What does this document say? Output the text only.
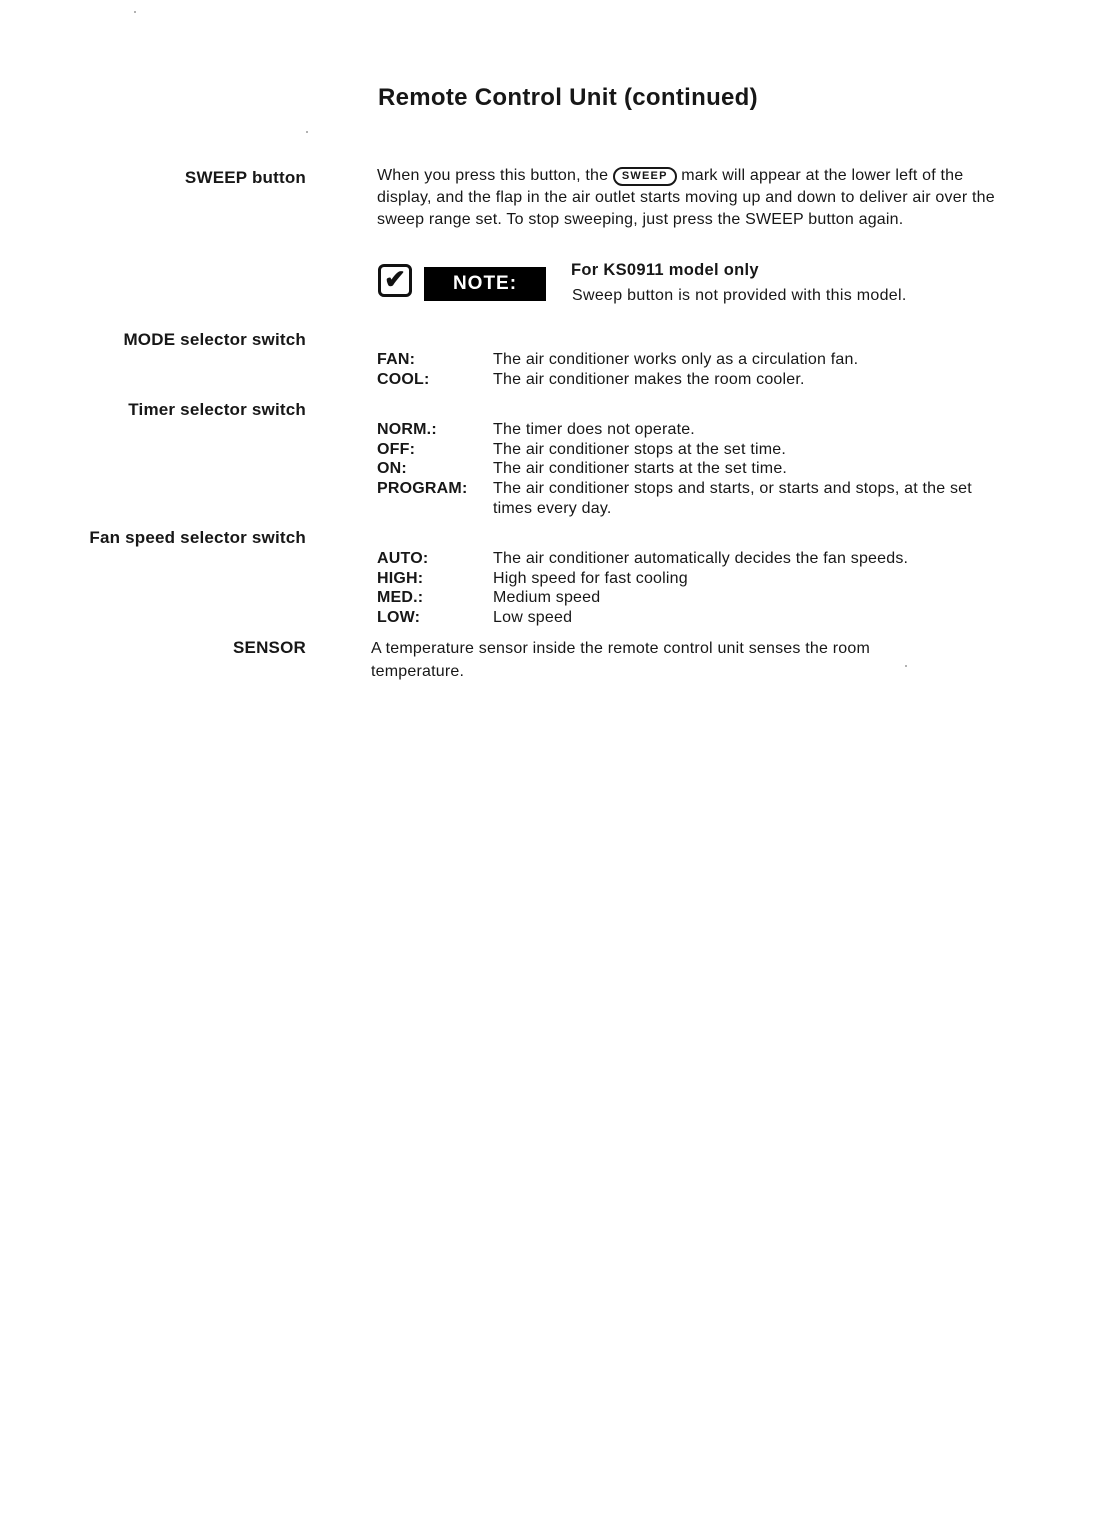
Remote Control Unit (continued)
SWEEP button	When you press this button, the SWEEP mark will appear at the lower left of the display, and the flap in the air outlet starts moving up and down to deliver air over the sweep range set. To stop sweeping, just press the SWEEP button again.
✔	NOTE:
For KS0911 model only
Sweep button is not provided with this model.
MODE selector switch
FAN:	The air conditioner works only as a circulation fan.
COOL:	The air conditioner makes the room cooler.
Timer selector switch
NORM.:	The timer does not operate.
OFF:	The air conditioner stops at the set time.
ON:	The air conditioner starts at the set time.
PROGRAM:	The air conditioner stops and starts, or starts and stops, at the set times every day.
Fan speed selector switch
AUTO:	The air conditioner automatically decides the fan speeds.
HIGH:	High speed for fast cooling
MED.:	Medium speed
LOW:	Low speed
SENSOR	A temperature sensor inside the remote control unit senses the room temperature.
